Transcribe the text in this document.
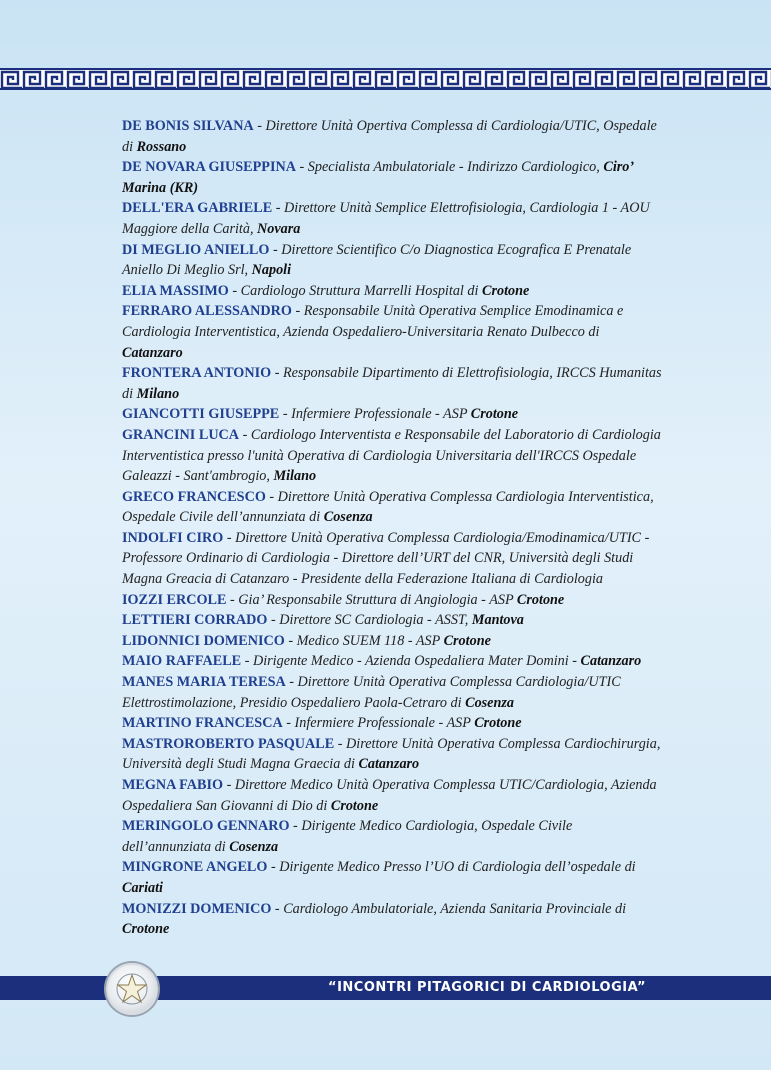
DE BONIS SILVANA - Direttore Unità Opertiva Complessa di Cardiologia/UTIC, Ospedale di Rossano

DE NOVARA GIUSEPPINA - Specialista Ambulatoriale - Indirizzo Cardiologico, Ciro’ Marina (KR)

DELL'ERA GABRIELE - Direttore Unità Semplice Elettrofisiologia, Cardiologia 1 - AOU Maggiore della Carità, Novara

DI MEGLIO ANIELLO - Direttore Scientifico C/o Diagnostica Ecografica E Prenatale Aniello Di Meglio Srl, Napoli

ELIA MASSIMO - Cardiologo Struttura Marrelli Hospital di Crotone

FERRARO ALESSANDRO - Responsabile Unità Operativa Semplice Emodinamica e Cardiologia Interventistica, Azienda Ospedaliero-Universitaria Renato Dulbecco di Catanzaro

FRONTERA ANTONIO - Responsabile Dipartimento di Elettrofisiologia, IRCCS Humanitas di Milano

GIANCOTTI GIUSEPPE - Infermiere Professionale - ASP Crotone

GRANCINI LUCA - Cardiologo Interventista e Responsabile del Laboratorio di Cardiologia Interventistica presso l'unità Operativa di Cardiologia Universitaria dell'IRCCS Ospedale Galeazzi - Sant'ambrogio, Milano

GRECO FRANCESCO - Direttore Unità Operativa Complessa Cardiologia Interventistica, Ospedale Civile dell’annunziata di Cosenza

INDOLFI CIRO - Direttore Unità Operativa Complessa Cardiologia/Emodinamica/UTIC - Professore Ordinario di Cardiologia - Direttore dell’URT del CNR, Università degli Studi Magna Greacia di Catanzaro - Presidente della Federazione Italiana di Cardiologia

IOZZI ERCOLE - Gia’ Responsabile Struttura di Angiologia - ASP Crotone

LETTIERI CORRADO - Direttore SC Cardiologia - ASST, Mantova

LIDONNICI DOMENICO - Medico SUEM 118 - ASP Crotone

MAIO RAFFAELE - Dirigente Medico - Azienda Ospedaliera Mater Domini - Catanzaro

MANES MARIA TERESA - Direttore Unità Operativa Complessa Cardiologia/UTIC Elettrostimolazione, Presidio Ospedaliero Paola-Cetraro di Cosenza

MARTINO FRANCESCA - Infermiere Professionale - ASP Crotone

MASTROROBERTO PASQUALE - Direttore Unità Operativa Complessa Cardiochirurgia, Università degli Studi Magna Graecia di Catanzaro

MEGNA FABIO - Direttore Medico Unità Operativa Complessa UTIC/Cardiologia, Azienda Ospedaliera San Giovanni di Dio di Crotone

MERINGOLO GENNARO - Dirigente Medico Cardiologia, Ospedale Civile dell’annunziata di Cosenza

MINGRONE ANGELO - Dirigente Medico Presso l’UO di Cardiologia dell’ospedale di Cariati

MONIZZI DOMENICO - Cardiologo Ambulatoriale, Azienda Sanitaria Provinciale di Crotone

“INCONTRI PITAGORICI DI CARDIOLOGIA”
